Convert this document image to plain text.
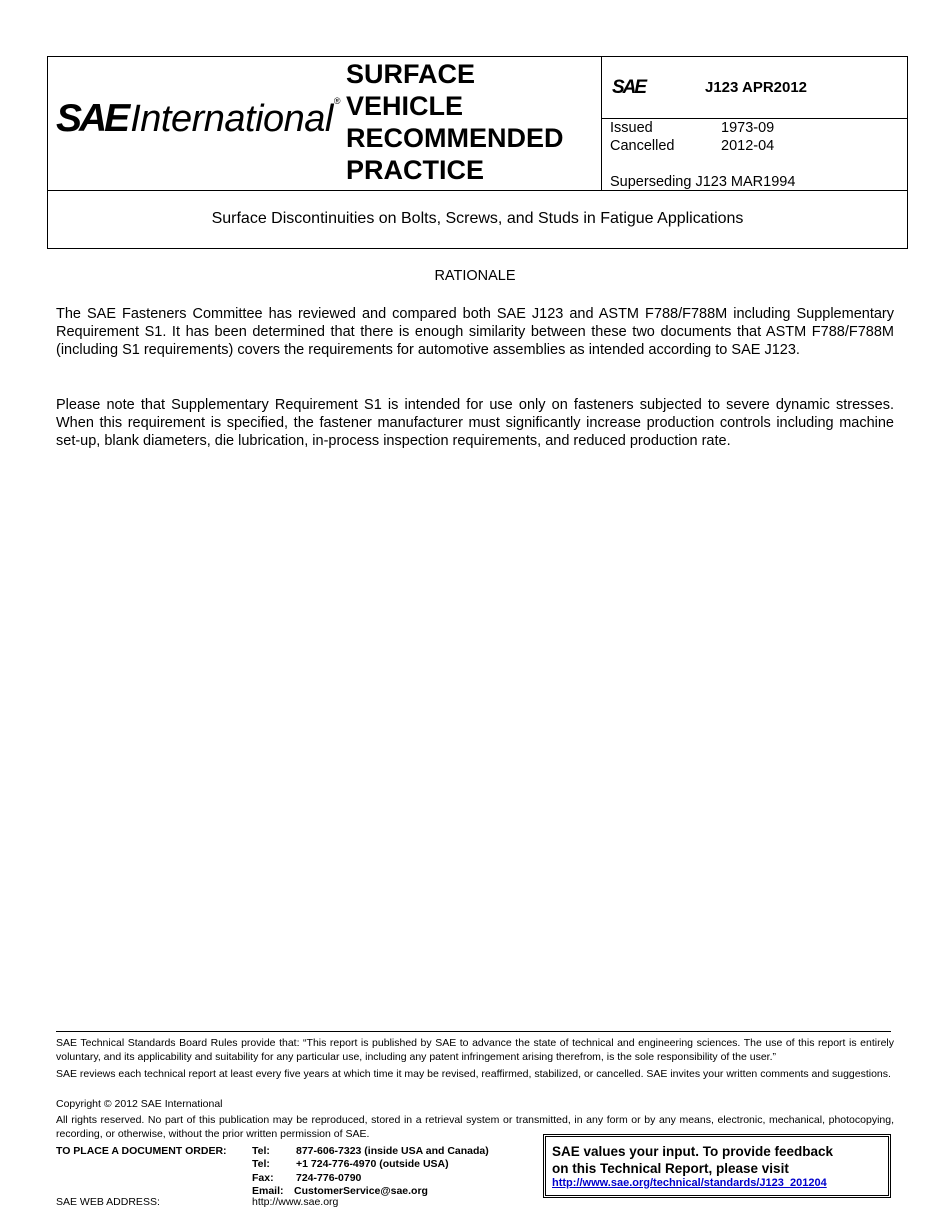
SAE International ®
SURFACE
VEHICLE
RECOMMENDED
PRACTICE
SAE	J123 APR2012
Issued	1973-09
Cancelled	2012-04
Superseding J123 MAR1994
Surface Discontinuities on Bolts, Screws, and Studs in Fatigue Applications
RATIONALE
The SAE Fasteners Committee has reviewed and compared both SAE J123 and ASTM F788/F788M including Supplementary Requirement S1. It has been determined that there is enough similarity between these two documents that ASTM F788/F788M (including S1 requirements) covers the requirements for automotive assemblies as intended according to SAE J123.
Please note that Supplementary Requirement S1 is intended for use only on fasteners subjected to severe dynamic stresses. When this requirement is specified, the fastener manufacturer must significantly increase production controls including machine set-up, blank diameters, die lubrication, in-process inspection requirements, and reduced production rate.
SAE Technical Standards Board Rules provide that: “This report is published by SAE to advance the state of technical and engineering sciences. The use of this report is entirely voluntary, and its applicability and suitability for any particular use, including any patent infringement arising therefrom, is the sole responsibility of the user.”
SAE reviews each technical report at least every five years at which time it may be revised, reaffirmed, stabilized, or cancelled. SAE invites your written comments and suggestions.
Copyright © 2012 SAE International
All rights reserved. No part of this publication may be reproduced, stored in a retrieval system or transmitted, in any form or by any means, electronic, mechanical, photocopying, recording, or otherwise, without the prior written permission of SAE.
TO PLACE A DOCUMENT ORDER: Tel: 877-606-7323 (inside USA and Canada)
Tel: +1 724-776-4970 (outside USA)
Fax: 724-776-0790
Email: CustomerService@sae.org
SAE WEB ADDRESS:	http://www.sae.org
SAE values your input. To provide feedback
on this Technical Report, please visit
http://www.sae.org/technical/standards/J123_201204
